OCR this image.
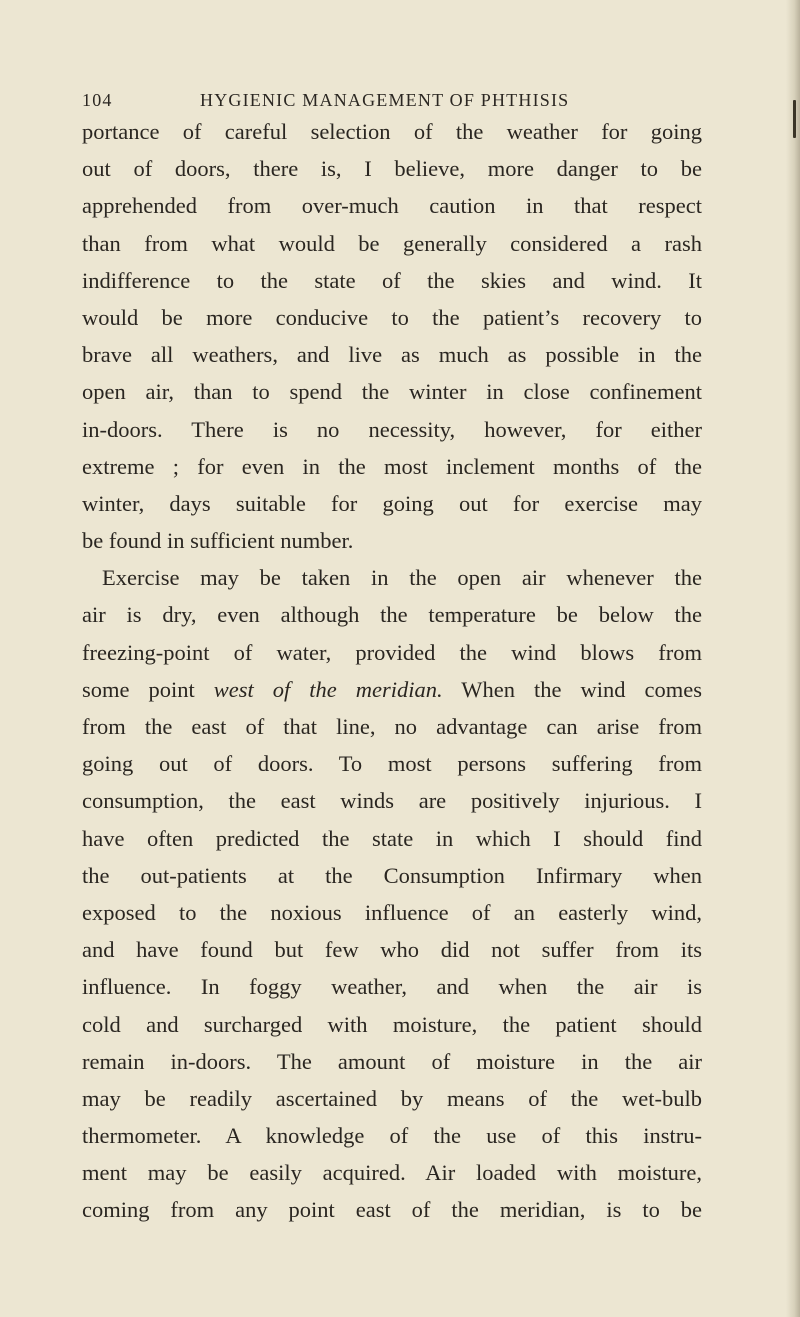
104	HYGIENIC MANAGEMENT OF PHTHISIS
portance of careful selection of the weather for going
out of doors, there is, I believe, more danger to be
apprehended from over-much caution in that respect
than from what would be generally considered a rash
indifference to the state of the skies and wind. It
would be more conducive to the patient’s recovery to
brave all weathers, and live as much as possible in the
open air, than to spend the winter in close confinement
in-doors. There is no necessity, however, for either
extreme ; for even in the most inclement months of the
winter, days suitable for going out for exercise may
be found in sufficient number.
Exercise may be taken in the open air whenever the
air is dry, even although the temperature be below the
freezing-point of water, provided the wind blows from
some point west of the meridian. When the wind comes
from the east of that line, no advantage can arise from
going out of doors. To most persons suffering from
consumption, the east winds are positively injurious. I
have often predicted the state in which I should find
the out-patients at the Consumption Infirmary when
exposed to the noxious influence of an easterly wind,
and have found but few who did not suffer from its
influence. In foggy weather, and when the air is
cold and surcharged with moisture, the patient should
remain in-doors. The amount of moisture in the air
may be readily ascertained by means of the wet-bulb
thermometer. A knowledge of the use of this instru-
ment may be easily acquired. Air loaded with moisture,
coming from any point east of the meridian, is to be
